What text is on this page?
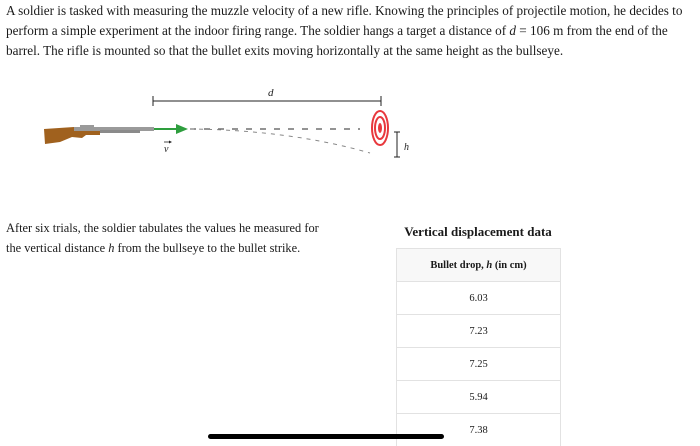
A soldier is tasked with measuring the muzzle velocity of a new rifle. Knowing the principles of projectile motion, he decides to perform a simple experiment at the indoor firing range. The soldier hangs a target a distance of d = 106 m from the end of the barrel. The rifle is mounted so that the bullet exits moving horizontally at the same height as the bullseye.

d
v	h

After six trials, the soldier tabulates the values he measured for the vertical distance h from the bullseye to the bullet strike.

Vertical displacement data
Bullet drop, h (in cm)
6.03
7.23
7.25
5.94
7.38
